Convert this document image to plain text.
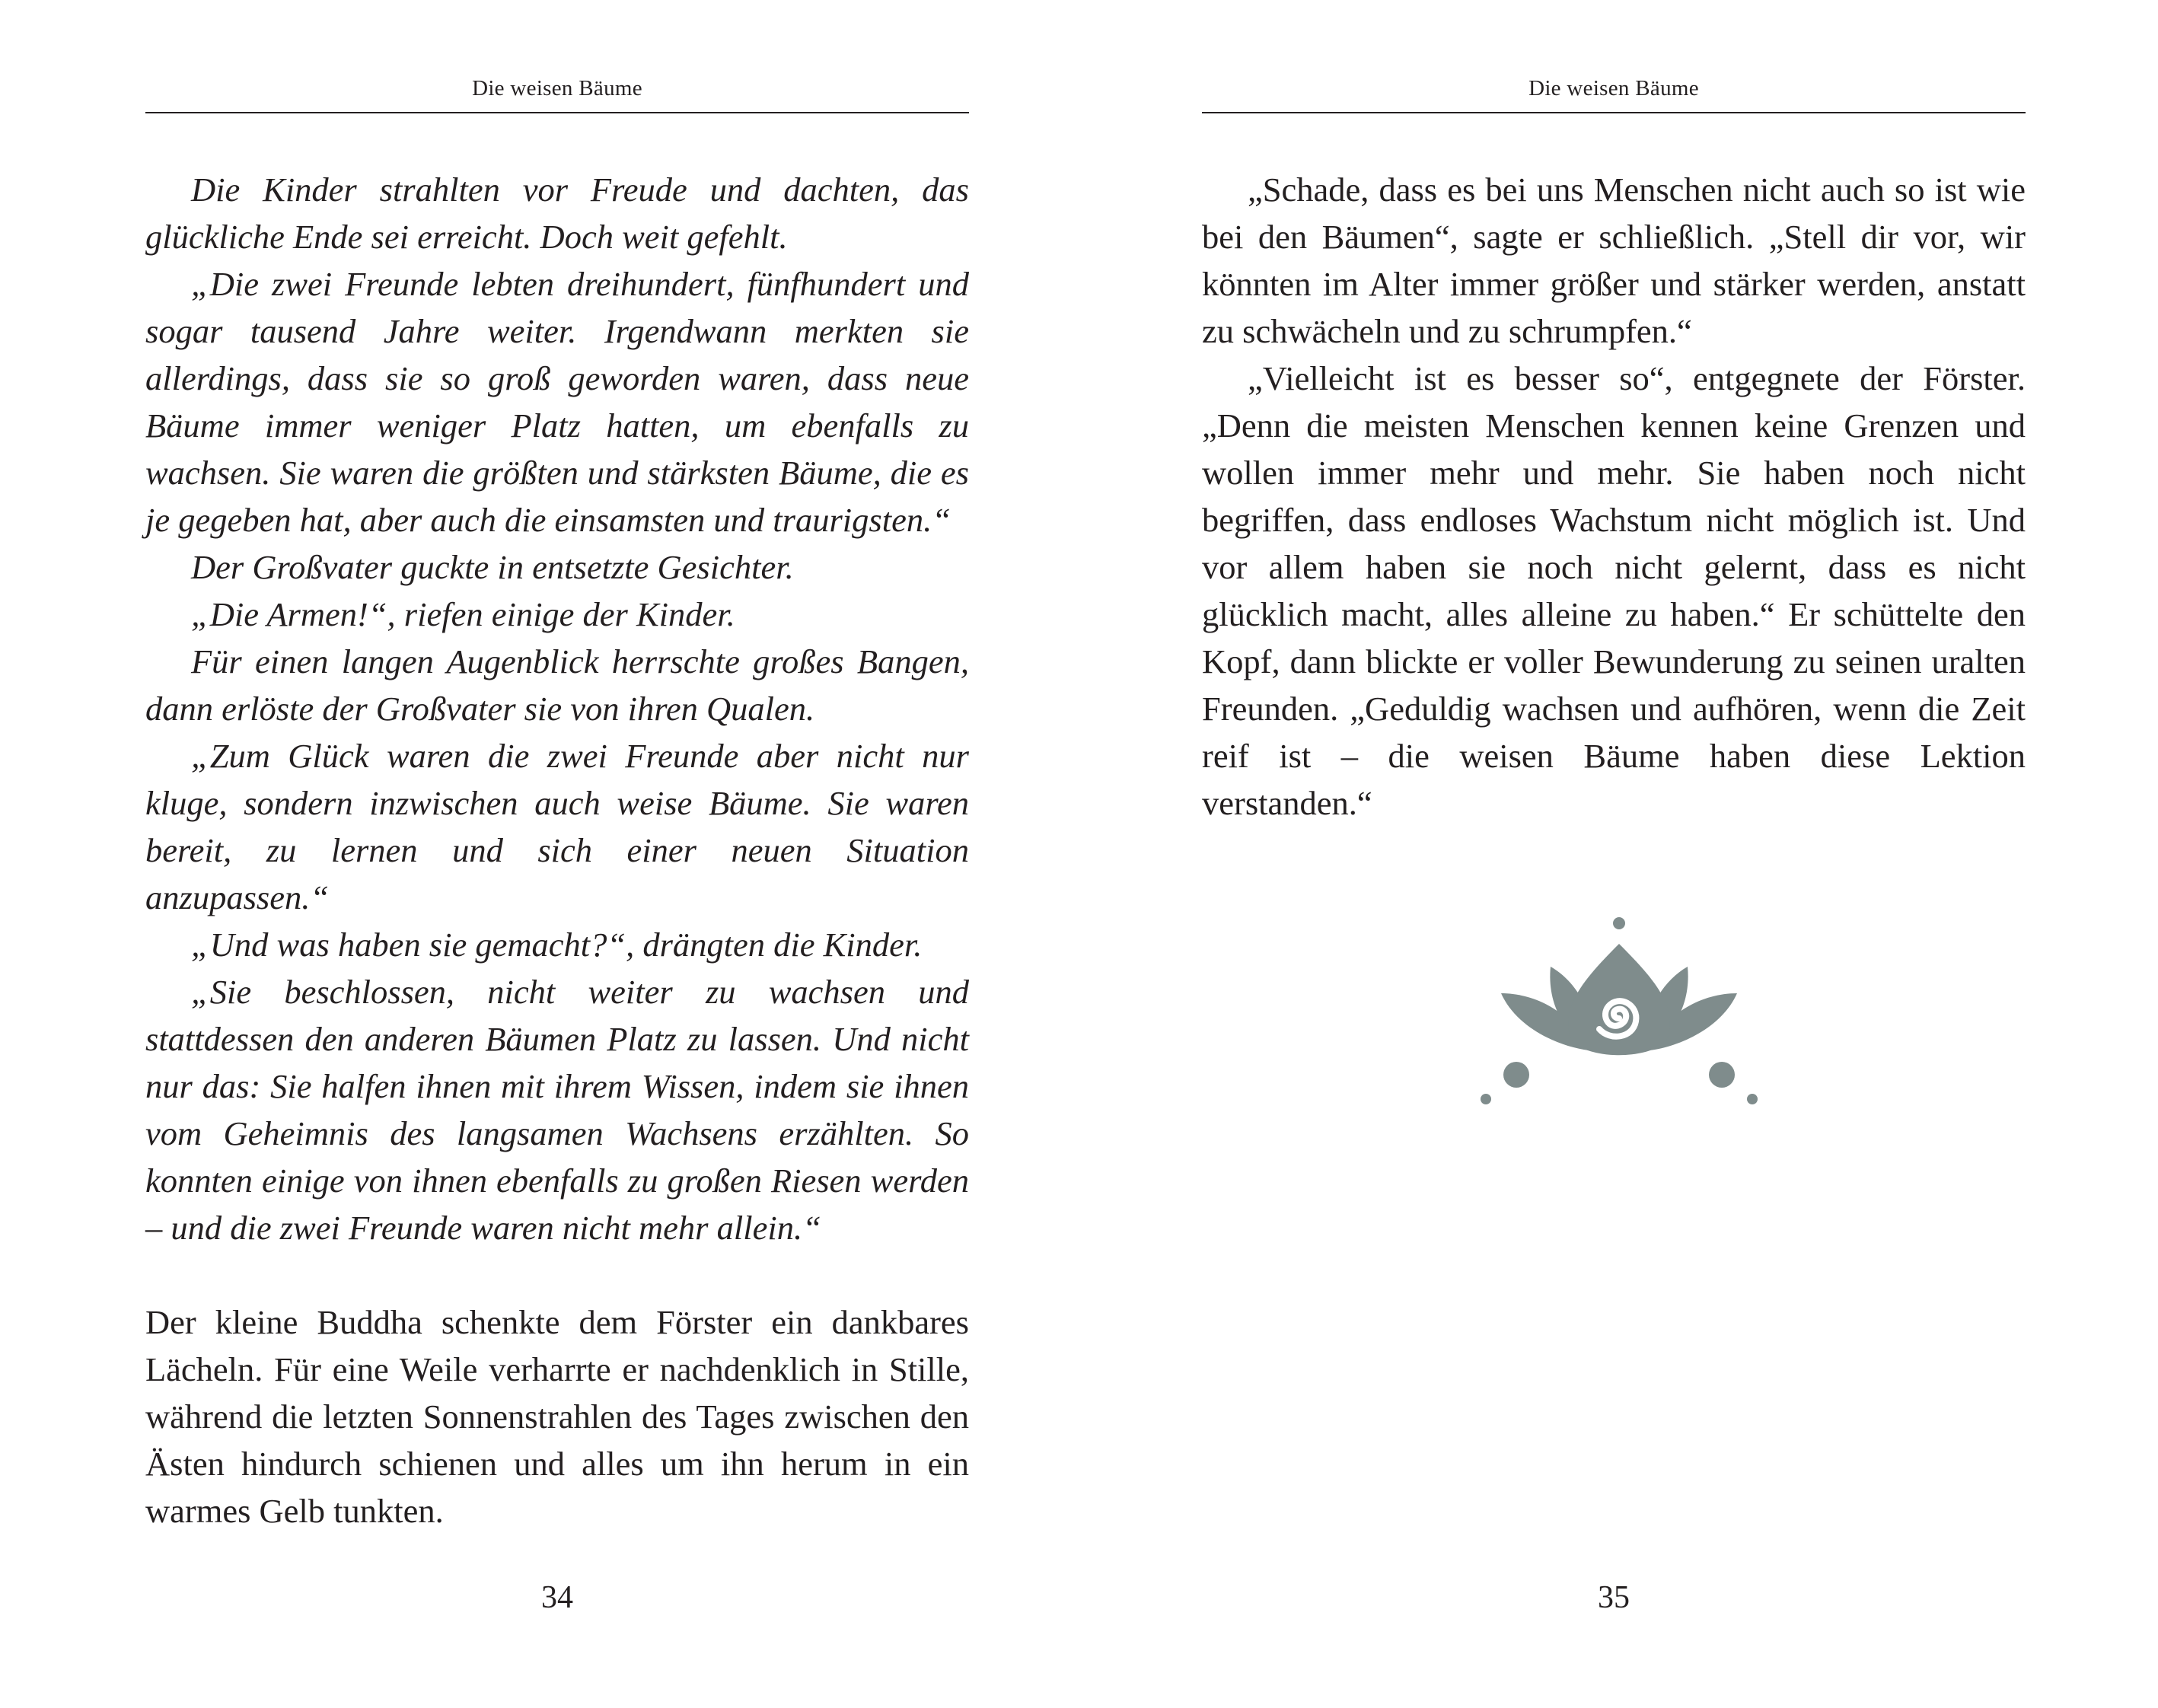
Die weisen Bäume

Die Kinder strahlten vor Freude und dachten, das glückliche Ende sei erreicht. Doch weit gefehlt.

„Die zwei Freunde lebten dreihundert, fünfhundert und sogar tausend Jahre weiter. Irgendwann merkten sie allerdings, dass sie so groß geworden waren, dass neue Bäume immer weniger Platz hatten, um ebenfalls zu wachsen. Sie waren die größten und stärksten Bäume, die es je gegeben hat, aber auch die einsamsten und traurigsten.“

Der Großvater guckte in entsetzte Gesichter.

„Die Armen!“, riefen einige der Kinder.

Für einen langen Augenblick herrschte großes Bangen, dann erlöste der Großvater sie von ihren Qualen.

„Zum Glück waren die zwei Freunde aber nicht nur kluge, sondern inzwischen auch weise Bäume. Sie waren bereit, zu lernen und sich einer neuen Situation anzupassen.“

„Und was haben sie gemacht?“, drängten die Kinder.

„Sie beschlossen, nicht weiter zu wachsen und stattdessen den anderen Bäumen Platz zu lassen. Und nicht nur das: Sie halfen ihnen mit ihrem Wissen, indem sie ihnen vom Geheimnis des langsamen Wachsens erzählten. So konnten einige von ihnen ebenfalls zu großen Riesen werden – und die zwei Freunde waren nicht mehr allein.“

Der kleine Buddha schenkte dem Förster ein dankbares Lächeln. Für eine Weile verharrte er nachdenklich in Stille, während die letzten Sonnenstrahlen des Tages zwischen den Ästen hindurch schienen und alles um ihn herum in ein warmes Gelb tunkten.

34
Die weisen Bäume

„Schade, dass es bei uns Menschen nicht auch so ist wie bei den Bäumen“, sagte er schließlich. „Stell dir vor, wir könnten im Alter immer größer und stärker werden, anstatt zu schwächeln und zu schrumpfen.“

„Vielleicht ist es besser so“, entgegnete der Förster. „Denn die meisten Menschen kennen keine Grenzen und wollen immer mehr und mehr. Sie haben noch nicht begriffen, dass endloses Wachstum nicht möglich ist. Und vor allem haben sie noch nicht gelernt, dass es nicht glücklich macht, alles alleine zu haben.“ Er schüttelte den Kopf, dann blickte er voller Bewunderung zu seinen uralten Freunden. „Geduldig wachsen und aufhören, wenn die Zeit reif ist – die weisen Bäume haben diese Lektion verstanden.“

35
